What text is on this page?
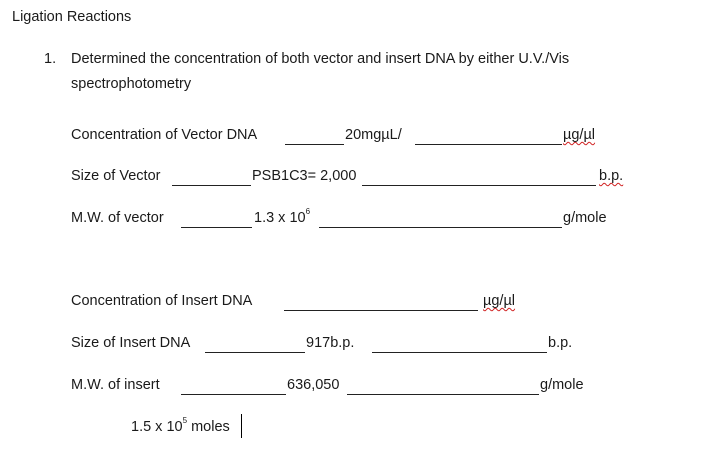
Ligation Reactions
1. Determined the concentration of both vector and insert DNA by either U.V./Vis
spectrophotometry
Concentration of Vector DNA	20mgµL/	µg/µl
Size of Vector	PSB1C3= 2,000	b.p.
M.W. of vector	1.3 x $10^6$	g/mole
Concentration of Insert DNA	µg/µl
Size of Insert DNA	917b.p.	b.p.
M.W. of insert	636,050	g/mole
1.5 x $10^5$ moles
